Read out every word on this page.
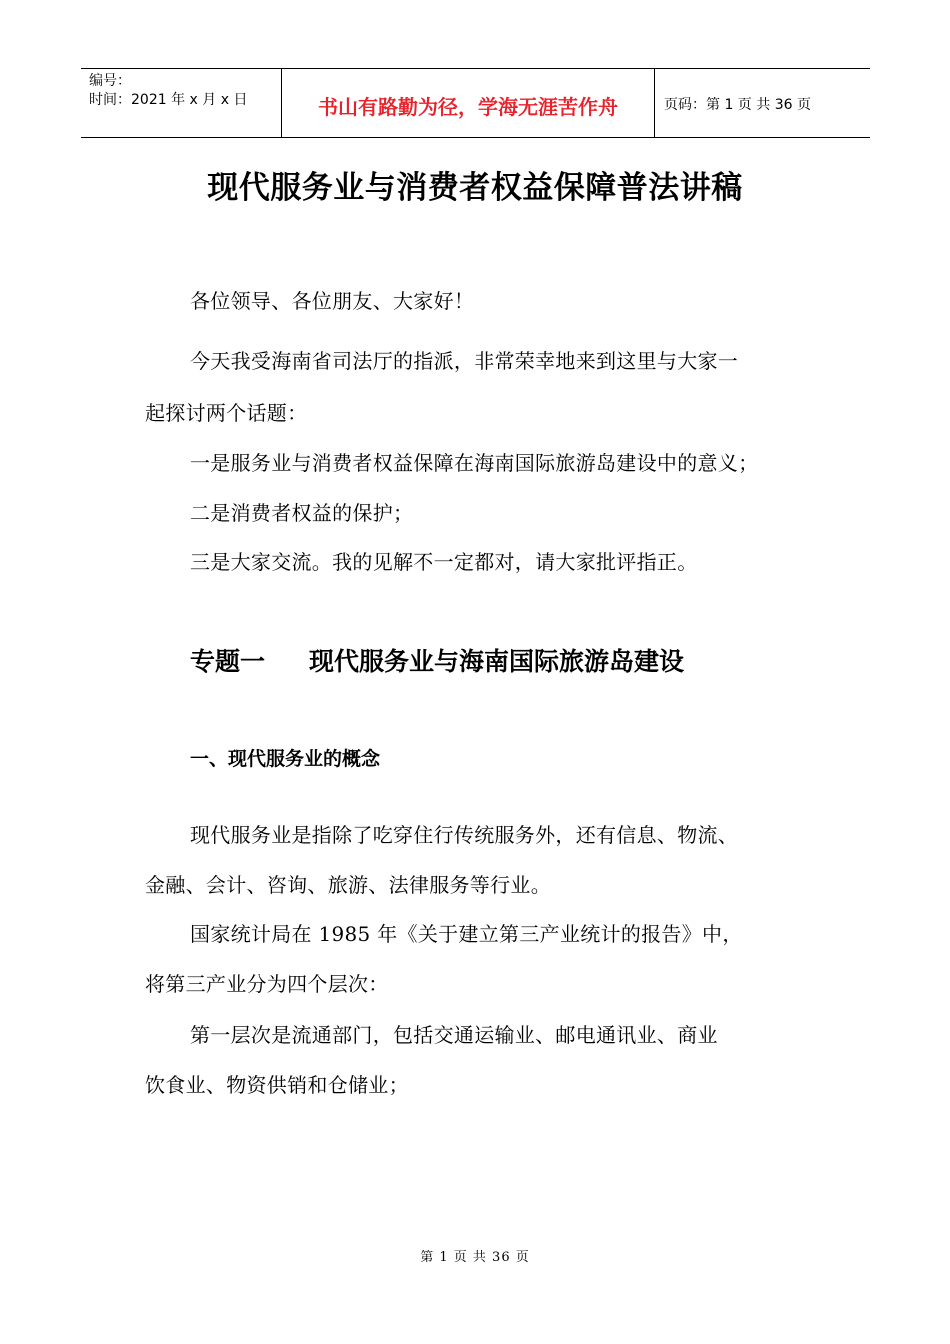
编号：
时间：2021 年 x 月 x 日	书山有路勤为径，学海无涯苦作舟	页码：第 1 页 共 36 页
现代服务业与消费者权益保障普法讲稿
各位领导、各位朋友、大家好！
今天我受海南省司法厅的指派，非常荣幸地来到这里与大家一
起探讨两个话题：
一是服务业与消费者权益保障在海南国际旅游岛建设中的意义；
二是消费者权益的保护；
三是大家交流。我的见解不一定都对，请大家批评指正。
专题一 现代服务业与海南国际旅游岛建设
一、现代服务业的概念
现代服务业是指除了吃穿住行传统服务外，还有信息、物流、
金融、会计、咨询、旅游、法律服务等行业。
国家统计局在 1985 年《关于建立第三产业统计的报告》中，
将第三产业分为四个层次：
第一层次是流通部门，包括交通运输业、邮电通讯业、商业
饮食业、物资供销和仓储业；
第 1 页 共 36 页
